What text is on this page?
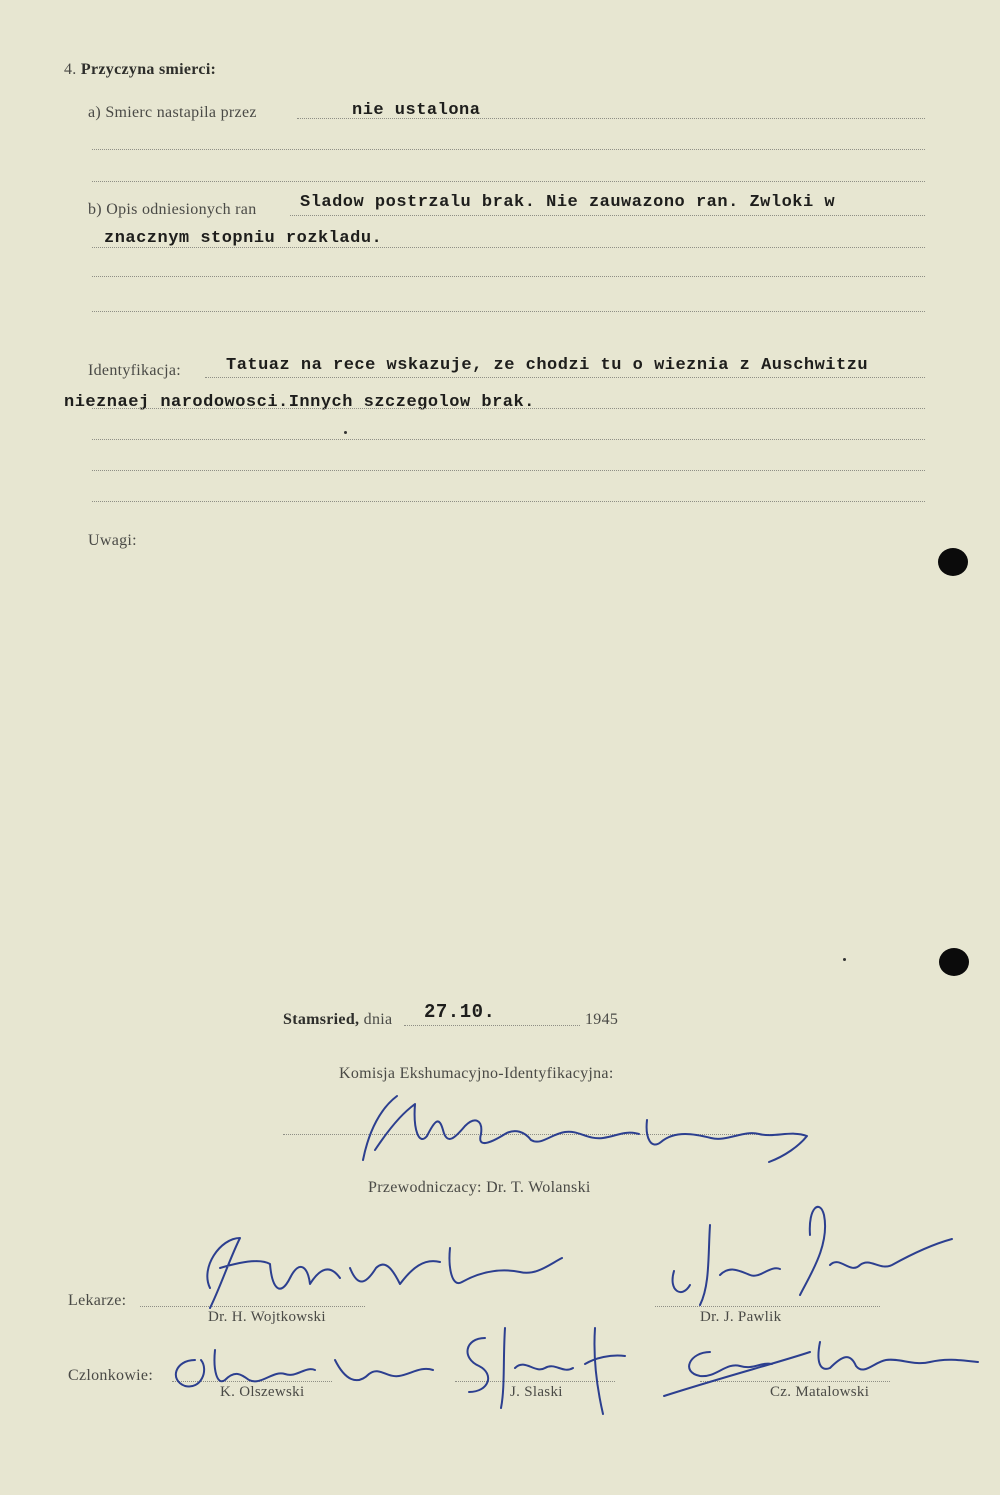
4. Przyczyna smierci:
a) Smierc nastapila przez	nie ustalona
b) Opis odniesionych ran	Sladow postrzalu brak. Nie zauwazono ran. Zwloki w
znacznym stopniu rozkladu.
Identyfikacja:	Tatuaz na rece wskazuje, ze chodzi tu o wieznia z Auschwitzu
nieznaej narodowosci.Innych szczegolow brak.
Uwagi:
Stamsried, dnia 27.10.	1945
Komisja Ekshumacyjno-Identyfikacyjna:
Przewodniczacy: Dr. T. Wolanski
Lekarze:
Dr. H. Wojtkowski	Dr. J. Pawlik
Czlonkowie:
K. Olszewski	J. Slaski	Cz. Matalowski
